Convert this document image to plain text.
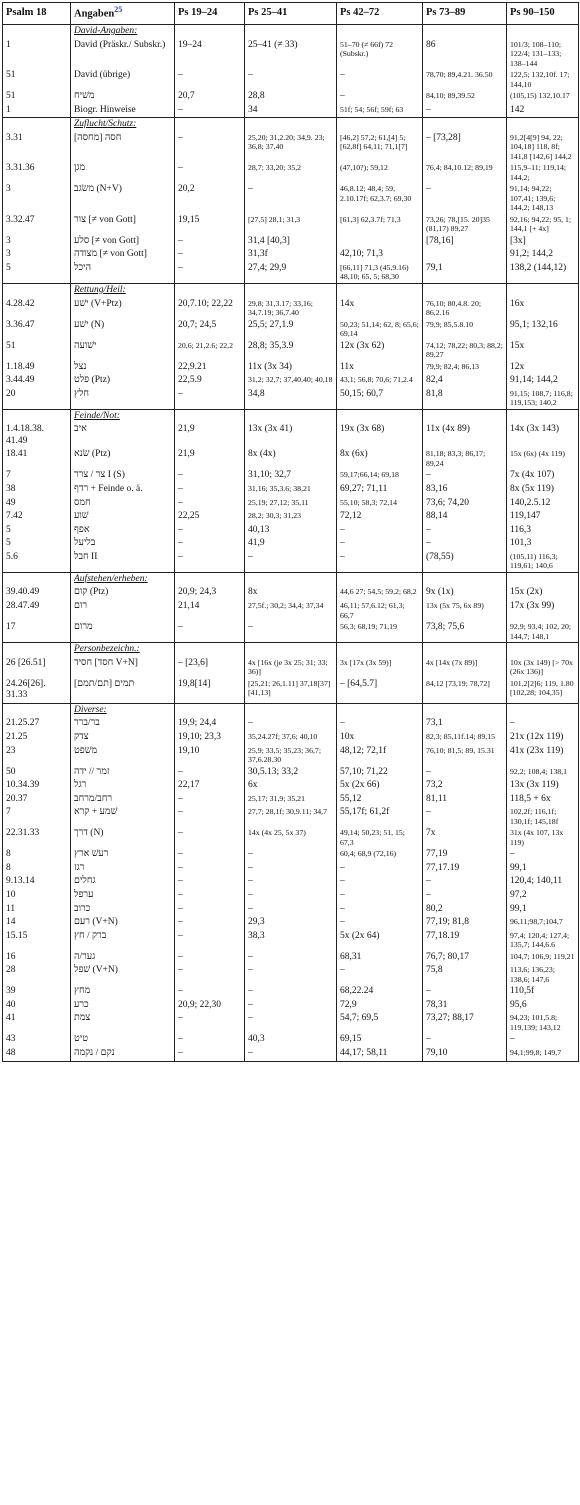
Psalm 18	Angaben$^{25}$	Ps 19–24	Ps 25–41	Ps 42–72	Ps 73–89	Ps 90–150
	David-Angaben:					
1	David (Präskr./ Subskr.)	19–24	25–41 (≠ 33)	51–70 (≠ 66f) 72 (Subskr.)	86	101/3; 108–110; 122/4; 131–133; 138–144
51	David (übrige)	–	–	–	78,70; 89,4.21. 36.50	122,5; 132,10f. 17; 144,10
51	משׁיח	20,7	28,8	–	84,10; 89,39.52	(105,15) 132,10.17
1	Biogr. Hinweise	–	34	51f; 54; 56f; 59f; 63	–	142
	Zuflucht/Schutz:					
3.31	חסה [מחסה]	–	25,20; 31,2.20; 34,9. 23; 36,8; 37,40	[46,2] 57,2; 61,[4] 5; [62,8f] 64,11; 71,1[7]	– [73,28]	91,2[4[9] 94, 22; 104,18] 118, 8f; 141,8 [142,6] 144,2
3.31.36	מגן	–	28,7; 33,20; 35,2	(47,10?); 59,12	76,4; 84,10.12; 89,19	115,9–11; 119,14; 144,2;
3	משׂגב (N+V)	20,2	–	46,8.12; 48,4; 59, 2.10.17f; 62,3.7; 69,30	–	91,14; 94,22; 107,41; 139,6; 144,2; 148,13
3.32.47	צור [≠ von Gott]	19,15	[27,5] 28,1; 31,3	[61,3] 62,3.7f; 71,3	73,26; 78,[15. 20]35 (81,17) 89,27	92,16; 94,22; 95, 1; 144,1 [+ 4x]
3	סלע [≠ von Gott]	–	31,4 [40,3]		[78,16]	[3x]
3	מצודה [≠ von Gott]	–	31,3f	42,10; 71,3		91,2; 144,2
5	היכל	–	27,4; 29,9	[66,11] 71,3 (45,9.16) 48,10; 65, 5; 68,30	79,1	138,2 (144,12)
	Rettung/Heil:					
4.28.42	ישׁע (V+Ptz)	20,7.10; 22,22	29,8; 31,3.17; 33,16; 34,7.19; 36,7.40	14x	76,10; 80,4.8. 20; 86,2.16	16x
3.36.47	ישׁע (N)	20,7; 24,5	25,5; 27,1.9	50,23; 51,14; 62, 8; 65,6; 69,14	79,9; 85,5.8.10	95,1; 132,16
51	ישׁועה	20,6; 21,2.6; 22,2	28,8; 35,3.9	12x (3x 62)	74,12; 78,22; 80,3; 88,2; 89,27	15x
1.18.49	נצל	22,9.21	11x (3x 34)	11x	79,9; 82,4; 86,13	12x
3.44.49	פלט (Ptz)	22,5.9	31,2; 32,7; 37,40.40; 40,18	43,1; 56,8; 70,6; 71,2.4	82,4	91,14; 144,2
20	חלץ	–	34,8	50,15; 60,7	81,8	91,15; 108,7; 116,8; 119,153; 140,2
	Feinde/Not:					
1.4.18.38. 41.49	איב	21,9	13x (3x 41)	19x (3x 68)	11x (4x 89)	14x (3x 143)
18.41	שׂנא (Ptz)	21,9	8x (4x)	8x (6x)	81,18; 83,3; 86,17; 89,24	15x (6x) (4x 119)
7	צר / צרר I (S)	–	31,10; 32,7	59,17;66,14; 69,18	–	7x (4x 107)
38	רדף + Feinde o. ä.	–	31,16; 35,3.6; 38,21	69,27; 71,11	83,16	8x (5x 119)
49	חמס	–	25,19; 27,12; 35,11	55,10; 58,3; 72,14	73,6; 74,20	140,2.5.12
7.42	שׁוע	22,25	28,2; 30,3; 31,23	72,12	88,14	119,147
5	אפף	–	40,13	–	–	116,3
5	בליעל	–	41,9	–	–	101,3
5.6	חבל II	–	–	–	(78,55)	(105,11) 116,3; 119,61; 140,6
	Aufstehen/erheben:					
39.40.49	קום (Ptz)	20,9; 24,3	8x	44,6 27; 54,5; 59,2; 68,2	9x (1x)	15x (2x)
28.47.49	רום	21,14	27,5f.; 30,2; 34,4; 37,34	46,11; 57,6.12; 61,3; 66,7	13x (5x 75, 6x 89)	17x (3x 99)
17	מרום	–	–	56,3; 68,19; 71,19	73,8; 75,6	92,9; 93,4; 102, 20; 144,7; 148,1
	Personbezeichn.:					
26 [26.51]	חסיד [חסד V+N]	– [23,6]	4x [16x (je 3x 25; 31; 33; 36)]	3x [17x (3x 59)]	4x [14x (7x 89)]	10x (3x 149) [> 70x (26x 136)]
24.26[26]. 31.33	תמים [תם/תמם]	19,8[14]	[25,21; 26,1.11] 37,18[37] [41,13]	– [64,5.7]	84,12 [73,19; 78,72]	101,2[2]6; 119, 1.80 [102,28; 104,35]
	Diverse:					
21.25.27	בר/ברר	19,9; 24,4	–	–	73,1	–
21.25	צדק	19,10; 23,3	35,24.27f; 37,6; 40,10	10x	82,3; 85,11f.14; 89,15	21x (12x 119)
23	משׁפט	19,10	25,9; 33,5; 35,23; 36,7; 37,6.28.30	48,12; 72,1f	76,10; 81,5; 89, 15.31	41x (23x 119)
50	זמר // ידה	–	30,5.13; 33,2	57,10; 71,22	–	92,2; 108,4; 138,1
10.34.39	רגל	22,17	6x	5x (2x 66)	73,2	13x (3x 119)
20.37	רחב/מרחב	–	25,17; 31,9; 35,21	55,12	81,11	118,5 + 6x
7	שׁמע + קרא	–	27,7; 28,1f; 30,9.11; 34,7	55,17f; 61,2f	–	102,2f; 116,1f; 130,1f; 145,18f
22.31.33	דרך (N)	–	14x (4x 25, 5x 37)	49,14; 50,23; 51, 15; 67,3	7x	31x (4x 107, 13x 119)
8	רעשׁ ארץ	–	–	60,4; 68,9 (72,16)	77,19	–
8	רגז	–	–	–	77,17.19	99,1
9.13.14	גחלים	–	–	–	–	120,4; 140,11
10	ערפל	–	–	–	–	97,2
11	כרוב	–	–	–	80,2	99,1
14	רעם (V+N)	–	29,3	–	77,19; 81,8	96,11;98,7;104,7
15.15	ברק / חץ	–	38,3	5x (2x 64)	77,18.19	97,4; 120,4; 127,4; 135,7; 144,6.6
16	גער/ה	–	–	68,31	76,7; 80,17	104,7; 106,9; 119,21
28	שׁפל (V+N)	–	–	–	75,8	113,6; 136,23; 138,6; 147,6
39	מחץ	–	–	68,22.24	–	110,5f
40	כרע	20,9; 22,30	–	72,9	78,31	95,6
41	צמת	–	–	54,7; 69,5	73,27; 88,17	94,23; 101,5.8; 119,139; 143,12
43	טיט	–	40,3	69,15	–	–
48	נקם / נקמה	–	–	44,17; 58,11	79,10	94,1;99,8; 149,7
